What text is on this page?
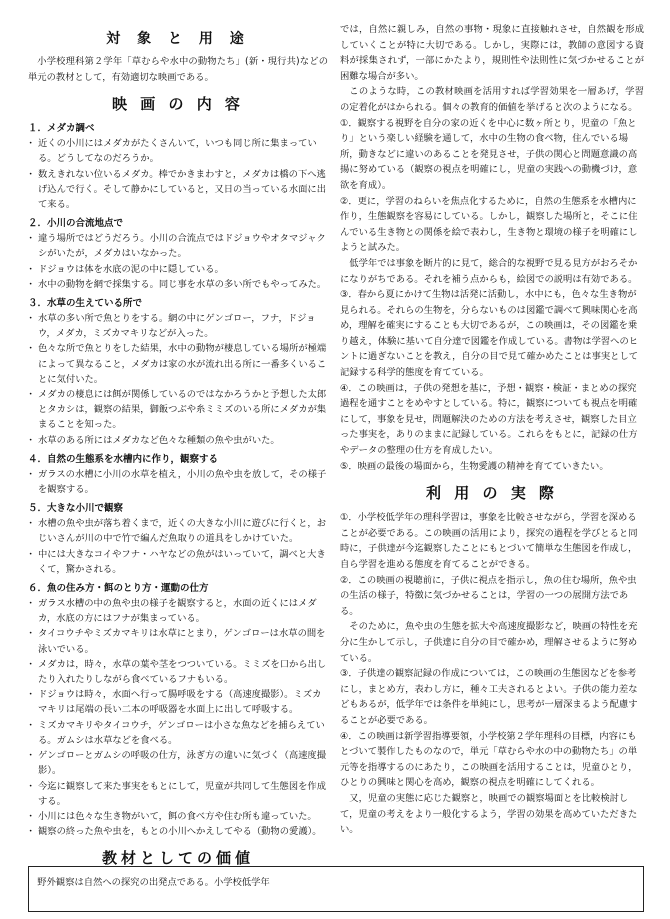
対 象 と 用 途

小学校理科第２学年「草むらや水中の動物たち」(新・現行共)などの単元の教材として，有効適切な映画である。

映 画 の 内 容
１．メダカ調べ
・ 近くの小川にはメダカがたくさんいて，いつも同じ所に集まっている。どうしてなのだろうか。
・ 数えきれない位いるメダカ。棒でかきまわすと，メダカは橋の下へ逃げ込んで行く。そして静かにしていると，又日の当っている水面に出て来る。
２．小川の合流地点で
・ 違う場所ではどうだろう。小川の合流点ではドジョウやオタマジャクシがいたが，メダカはいなかった。
・ ドジョウは体を水底の泥の中に隠している。
・ 水中の動物を網で採集する。同じ事を水草の多い所でもやってみた。
３．水草の生えている所で
・ 水草の多い所で魚とりをする。網の中にゲンゴロー，フナ，ドジョウ，メダカ，ミズカマキリなどが入った。
・ 色々な所で魚とりをした結果，水中の動物が棲息している場所が極端によって異なること，メダカは家の水が流れ出る所に一番多くいることに気付いた。
・ メダカの棲息には餌が関係しているのではなかろうかと予想した太郎とタカシは，観察の結果，御飯つぶや糸ミミズのいる所にメダカが集まることを知った。
・ 水草のある所にはメダカなど色々な種類の魚や虫がいた。
４．自然の生態系を水槽内に作り，観察する
・ ガラスの水槽に小川の水草を植え，小川の魚や虫を放して，その様子を観察する。
５．大きな小川で観察
・ 水槽の魚や虫が落ち着くまで，近くの大きな小川に遊びに行くと，おじいさんが川の中で竹で編んだ魚取りの道具をしかけていた。
・ 中には大きなコイやフナ・ハヤなどの魚がはいっていて，調べと大きくて，驚かされる。
６．魚の住み方・餌のとり方・運動の仕方
・ ガラス水槽の中の魚や虫の様子を観察すると，水面の近くにはメダカ，水底の方にはフナが集まっている。
・ タイコウチやミズカマキリは水草にとまり，ゲンゴローは水草の間を泳いでいる。
・ メダカは，時々，水草の葉や茎をつついている。ミミズを口から出したり入れたりしながら食べているフナもいる。
・ ドジョウは時々，水面へ行って腸呼吸をする（高速度撮影）。ミズカマキリは尾端の長い二本の呼吸器を水面上に出して呼吸する。
・ ミズカマキリやタイコウチ，ゲンゴローは小さな魚などを捕らえている。ガムシは水草などを食べる。
・ ゲンゴローとガムシの呼吸の仕方，泳ぎ方の違いに気づく（高速度撮影）。
・ 今迄に観察して来た事実をもとにして，児童が共同して生態図を作成する。
・ 小川には色々な生き物がいて，餌の食べ方や住む所も違っていた。
・ 観察の終った魚や虫を，もとの小川へかえしてやる（動物の愛護）。
教材としての価値

野外観察は自然への探究の出発点である。小学校低学年

では，自然に親しみ，自然の事物・現象に直接触れさせ，自然観を形成していくことが特に大切である。しかし，実際には，教師の意図する資料が採集されず，一部にかたより，規則性や法則性に気づかせることが困難な場合が多い。

このような時，この教材映画を活用すれば学習効果を一層あげ，学習の定着化がはかられる。個々の教育的価値を挙げると次のようになる。

①．観察する視野を自分の家の近くを中心に数ヶ所とり，児童の「魚とり」という楽しい経験を通して，水中の生物の食べ物，住んでいる場所，動きなどに違いのあることを発見させ，子供の関心と問題意識の高揚に努めている（観察の視点を明確にし，児童の実践への動機づけ，意欲を育成）。
②．更に，学習のねらいを焦点化するために，自然の生態系を水槽内に作り，生態観察を容易にしている。しかし，観察した場所と，そこに住んでいる生き物との関係を絵で表わし，生き物と環境の様子を明確にしようと試みた。
　低学年では事象を断片的に見て，総合的な視野で見る見方がおろそかになりがちである。それを補う点からも，絵図での説明は有効である。
③．春から夏にかけて生物は活発に活動し，水中にも，色々な生き物が見られる。それらの生物を，分らないものは図鑑で調べて興味関心を高め，理解を確実にすることも大切であるが，この映画は，その図鑑を乗り越え，体験に基いて自分達で図鑑を作成している。書物は学習へのヒントに過ぎないことを教え，自分の目で見て確かめたことは事実として記録する科学的態度を育てている。
④．この映画は，子供の発想を基に，予想・観察・検証・まとめの探究過程を通すことをめやすとしている。特に，観察についても視点を明確にして，事象を見せ，問題解決のための方法を考えさせ，観察した目立った事実を，ありのままに記録している。これらをもとに，記録の仕方やデータの整理の仕方を育成したい。
⑤．映画の最後の場面から，生物愛護の精神を育てていきたい。
利 用 の 実 際
①．小学校低学年の理科学習は，事象を比較させながら，学習を深めることが必要である。この映画の活用により，探究の過程を学びとると同時に，子供達が今迄観察したことにもとづいて簡単な生態図を作成し，自ら学習を進める態度を育てることができる。
②．この映画の視聴前に，子供に視点を指示し，魚の住む場所，魚や虫の生活の様子，特徴に気づかせることは，学習の一つの展開方法である。
　そのために，魚や虫の生態を拡大や高速度撮影など，映画の特性を充分に生かして示し，子供達に自分の目で確かめ，理解させるように努めている。
③．子供達の観察記録の作成については，この映画の生態図などを参考にし，まとめ方，表わし方に，種々工夫されるとよい。子供の能力差などもあるが，低学年では条件を単純にし，思考が一層深まるよう配慮することが必要である。
④．この映画は新学習指導要領，小学校第２学年理科の目標，内容にもとづいて製作したものなので，単元「草むらや水の中の動物たち」の単元等を指導するのにあたり，この映画を活用することは，児童ひとり，ひとりの興味と関心を高め，観察の視点を明確にしてくれる。
　又，児童の実態に応じた観察と，映画での観察場面とを比較検討して，児童の考えをより一般化するよう，学習の効果を高めていただきたい。
